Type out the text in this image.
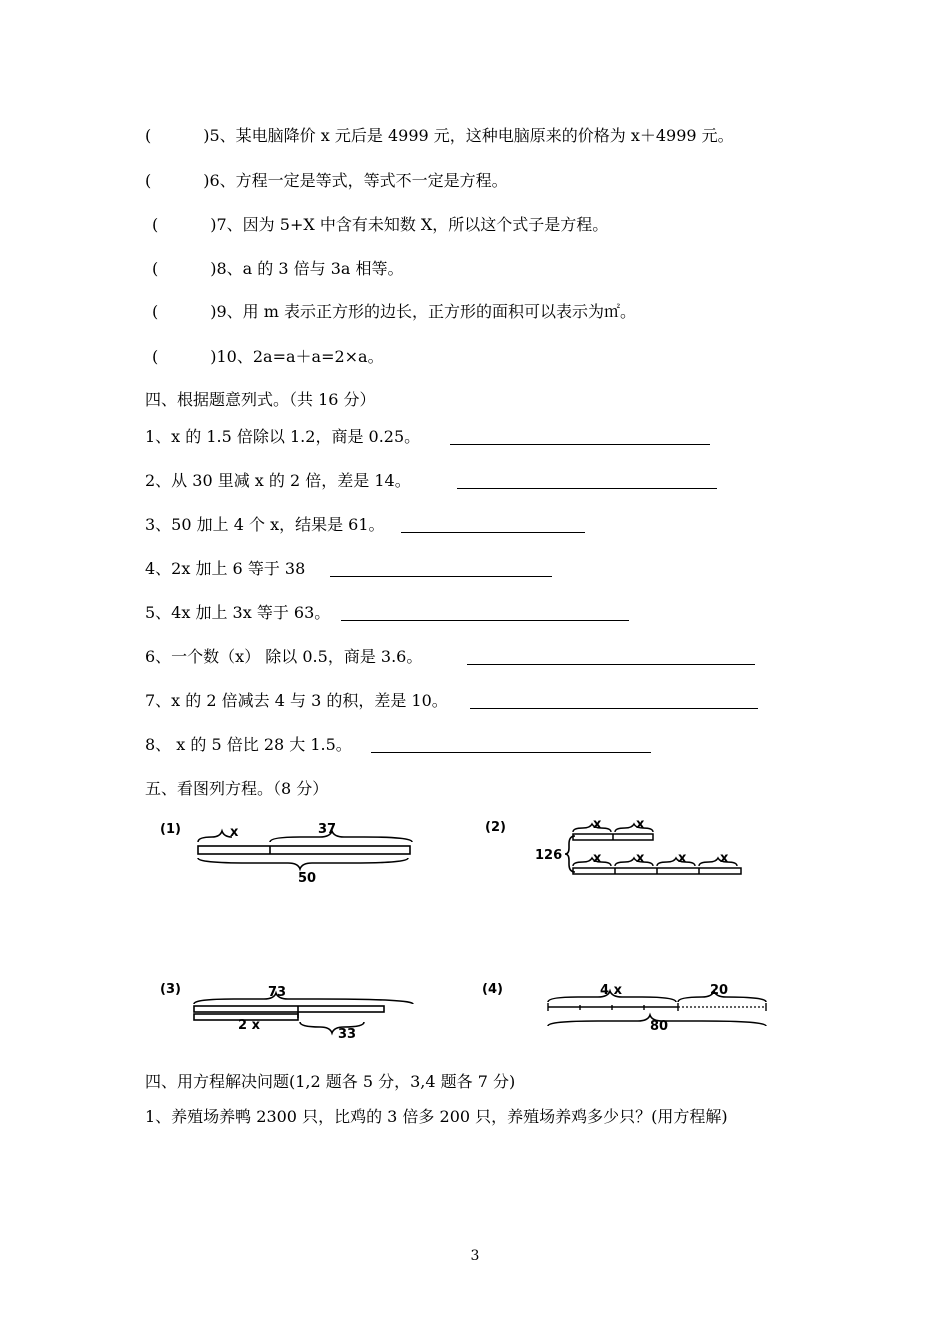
(	)5、某电脑降价 x 元后是 4999 元，这种电脑原来的价格为 x＋4999 元。
(	)6、方程一定是等式，等式不一定是方程。
(	)7、因为 5+X 中含有未知数 X，所以这个式子是方程。
(	)8、a 的 3 倍与 3a 相等。
(	)9、用 m 表示正方形的边长，正方形的面积可以表示为㎡。
(	)10、2a=a＋a=2×a。
四、根据题意列式。（共 16 分）
1、x 的 1.5 倍除以 1.2，商是 0.25。
2、从 30 里减 x 的 2 倍，差是 14。
3、50 加上 4 个 x，结果是 61。
4、2x 加上 6 等于 38
5、4x 加上 3x 等于 63。
6、一个数（x） 除以 0.5，商是 3.6。
7、x 的 2 倍减去 4 与 3 的积，差是 10。
8、 x 的 5 倍比 28 大 1.5。
五、看图列方程。（8 分）
(1)	x	37
50
(2)
126
x	x
x	x	x	x
(3)	73
2 x
33
(4)	4 x	20
80
四、用方程解决问题(1,2 题各 5 分，3,4 题各 7 分)
1、养殖场养鸭 2300 只，比鸡的 3 倍多 200 只，养殖场养鸡多少只？(用方程解)
3
